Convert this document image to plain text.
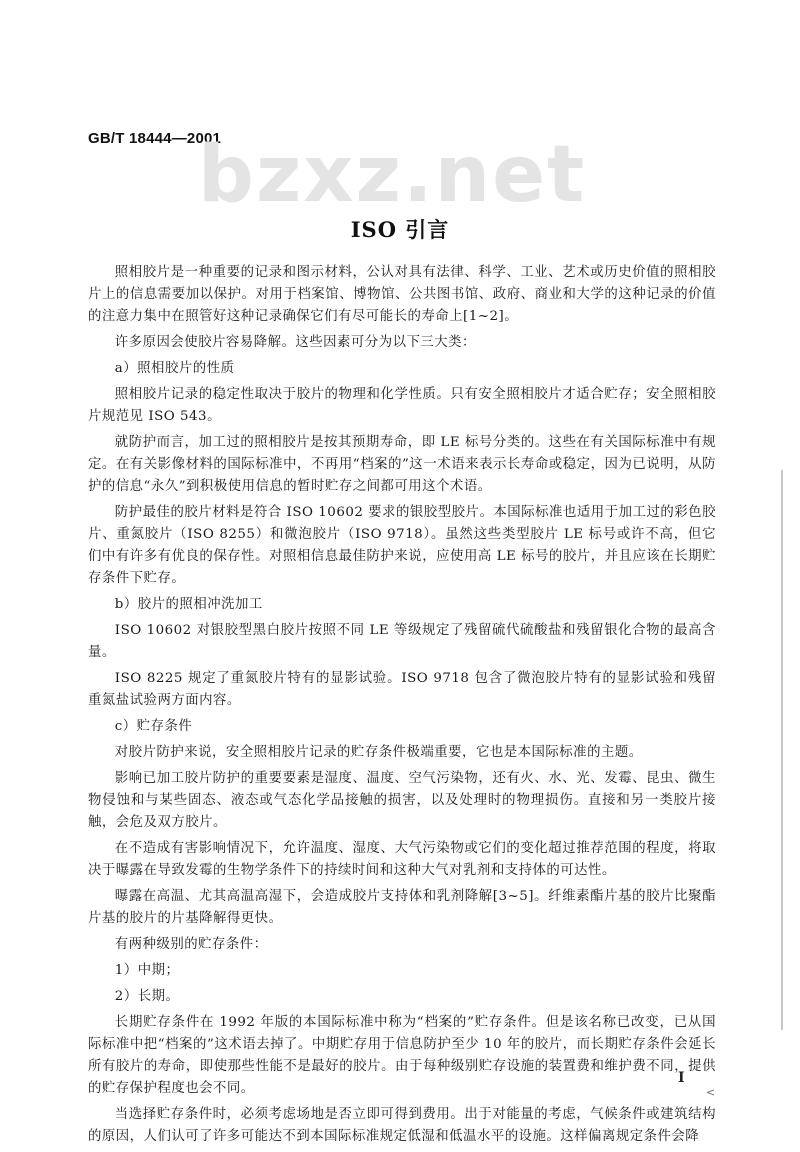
GB/T 18444—2001
bzxz.net
ISO 引言

照相胶片是一种重要的记录和图示材料，公认对具有法律、科学、工业、艺术或历史价值的照相胶片上的信息需要加以保护。对用于档案馆、博物馆、公共图书馆、政府、商业和大学的这种记录的价值的注意力集中在照管好这种记录确保它们有尽可能长的寿命上[1~2]。

许多原因会使胶片容易降解。这些因素可分为以下三大类：

a）照相胶片的性质

照相胶片记录的稳定性取决于胶片的物理和化学性质。只有安全照相胶片才适合贮存；安全照相胶片规范见 ISO 543。

就防护而言，加工过的照相胶片是按其预期寿命，即 LE 标号分类的。这些在有关国际标准中有规定。在有关影像材料的国际标准中，不再用“档案的”这一术语来表示长寿命或稳定，因为已说明，从防护的信息“永久”到积极使用信息的暂时贮存之间都可用这个术语。

防护最佳的胶片材料是符合 ISO 10602 要求的银胶型胶片。本国际标准也适用于加工过的彩色胶片、重氮胶片（ISO 8255）和微泡胶片（ISO 9718）。虽然这些类型胶片 LE 标号或许不高，但它们中有许多有优良的保存性。对照相信息最佳防护来说，应使用高 LE 标号的胶片，并且应该在长期贮存条件下贮存。

b）胶片的照相冲洗加工

ISO 10602 对银胶型黑白胶片按照不同 LE 等级规定了残留硫代硫酸盐和残留银化合物的最高含量。

ISO 8225 规定了重氮胶片特有的显影试验。ISO 9718 包含了微泡胶片特有的显影试验和残留重氮盐试验两方面内容。

c）贮存条件

对胶片防护来说，安全照相胶片记录的贮存条件极端重要，它也是本国际标准的主题。

影响已加工胶片防护的重要要素是湿度、温度、空气污染物，还有火、水、光、发霉、昆虫、微生物侵蚀和与某些固态、液态或气态化学品接触的损害，以及处理时的物理损伤。直接和另一类胶片接触，会危及双方胶片。

在不造成有害影响情况下，允许温度、湿度、大气污染物或它们的变化超过推荐范围的程度，将取决于曝露在导致发霉的生物学条件下的持续时间和这种大气对乳剂和支持体的可达性。

曝露在高温、尤其高温高湿下，会造成胶片支持体和乳剂降解[3~5]。纤维素酯片基的胶片比聚酯片基的胶片的片基降解得更快。

有两种级别的贮存条件：

1）中期；

2）长期。

长期贮存条件在 1992 年版的本国际标准中称为“档案的”贮存条件。但是该名称已改变，已从国际标准中把“档案的”这术语去掉了。中期贮存用于信息防护至少 10 年的胶片，而长期贮存条件会延长所有胶片的寿命，即使那些性能不是最好的胶片。由于每种级别贮存设施的装置费和维护费不同，提供的贮存保护程度也会不同。

当选择贮存条件时，必须考虑场地是否立即可得到费用。出于对能量的考虑，气候条件或建筑结构的原因，人们认可了许多可能达不到本国际标准规定低湿和低温水平的设施。这样偏离规定条件会降

Ⅰ
<
